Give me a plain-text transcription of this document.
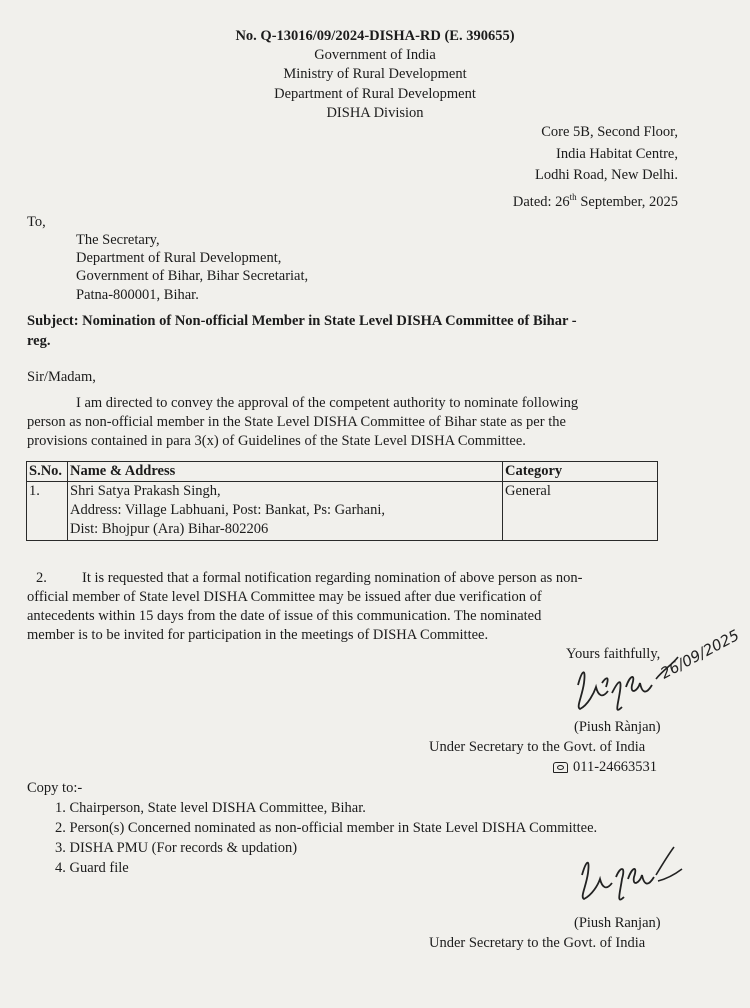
No. Q-13016/09/2024-DISHA-RD (E. 390655)
Government of India
Ministry of Rural Development
Department of Rural Development
DISHA Division
Core 5B, Second Floor,
India Habitat Centre,
Lodhi Road, New Delhi.
Dated: 26th September, 2025
To,
The Secretary,
Department of Rural Development,
Government of Bihar, Bihar Secretariat,
Patna-800001, Bihar.
Subject: Nomination of Non-official Member in State Level DISHA Committee of Bihar -
reg.
Sir/Madam,
I am directed to convey the approval of the competent authority to nominate following
person as non-official member in the State Level DISHA Committee of Bihar state as per the
provisions contained in para 3(x) of Guidelines of the State Level DISHA Committee.
S.No.	Name & Address	Category
1.	Shri Satya Prakash Singh,
Address: Village Labhuani, Post: Bankat, Ps: Garhani,
Dist: Bhojpur (Ara) Bihar-802206	General
2. It is requested that a formal notification regarding nomination of above person as non-
official member of State level DISHA Committee may be issued after due verification of
antecedents within 15 days from the date of issue of this communication. The nominated
member is to be invited for participation in the meetings of DISHA Committee.
Yours faithfully,
26/09/2025
(Piush Rànjan)
Under Secretary to the Govt. of India
011-24663531
Copy to:-
1. Chairperson, State level DISHA Committee, Bihar.
2. Person(s) Concerned nominated as non-official member in State Level DISHA Committee.
3. DISHA PMU (For records & updation)
4. Guard file
(Piush Ranjan)
Under Secretary to the Govt. of India
